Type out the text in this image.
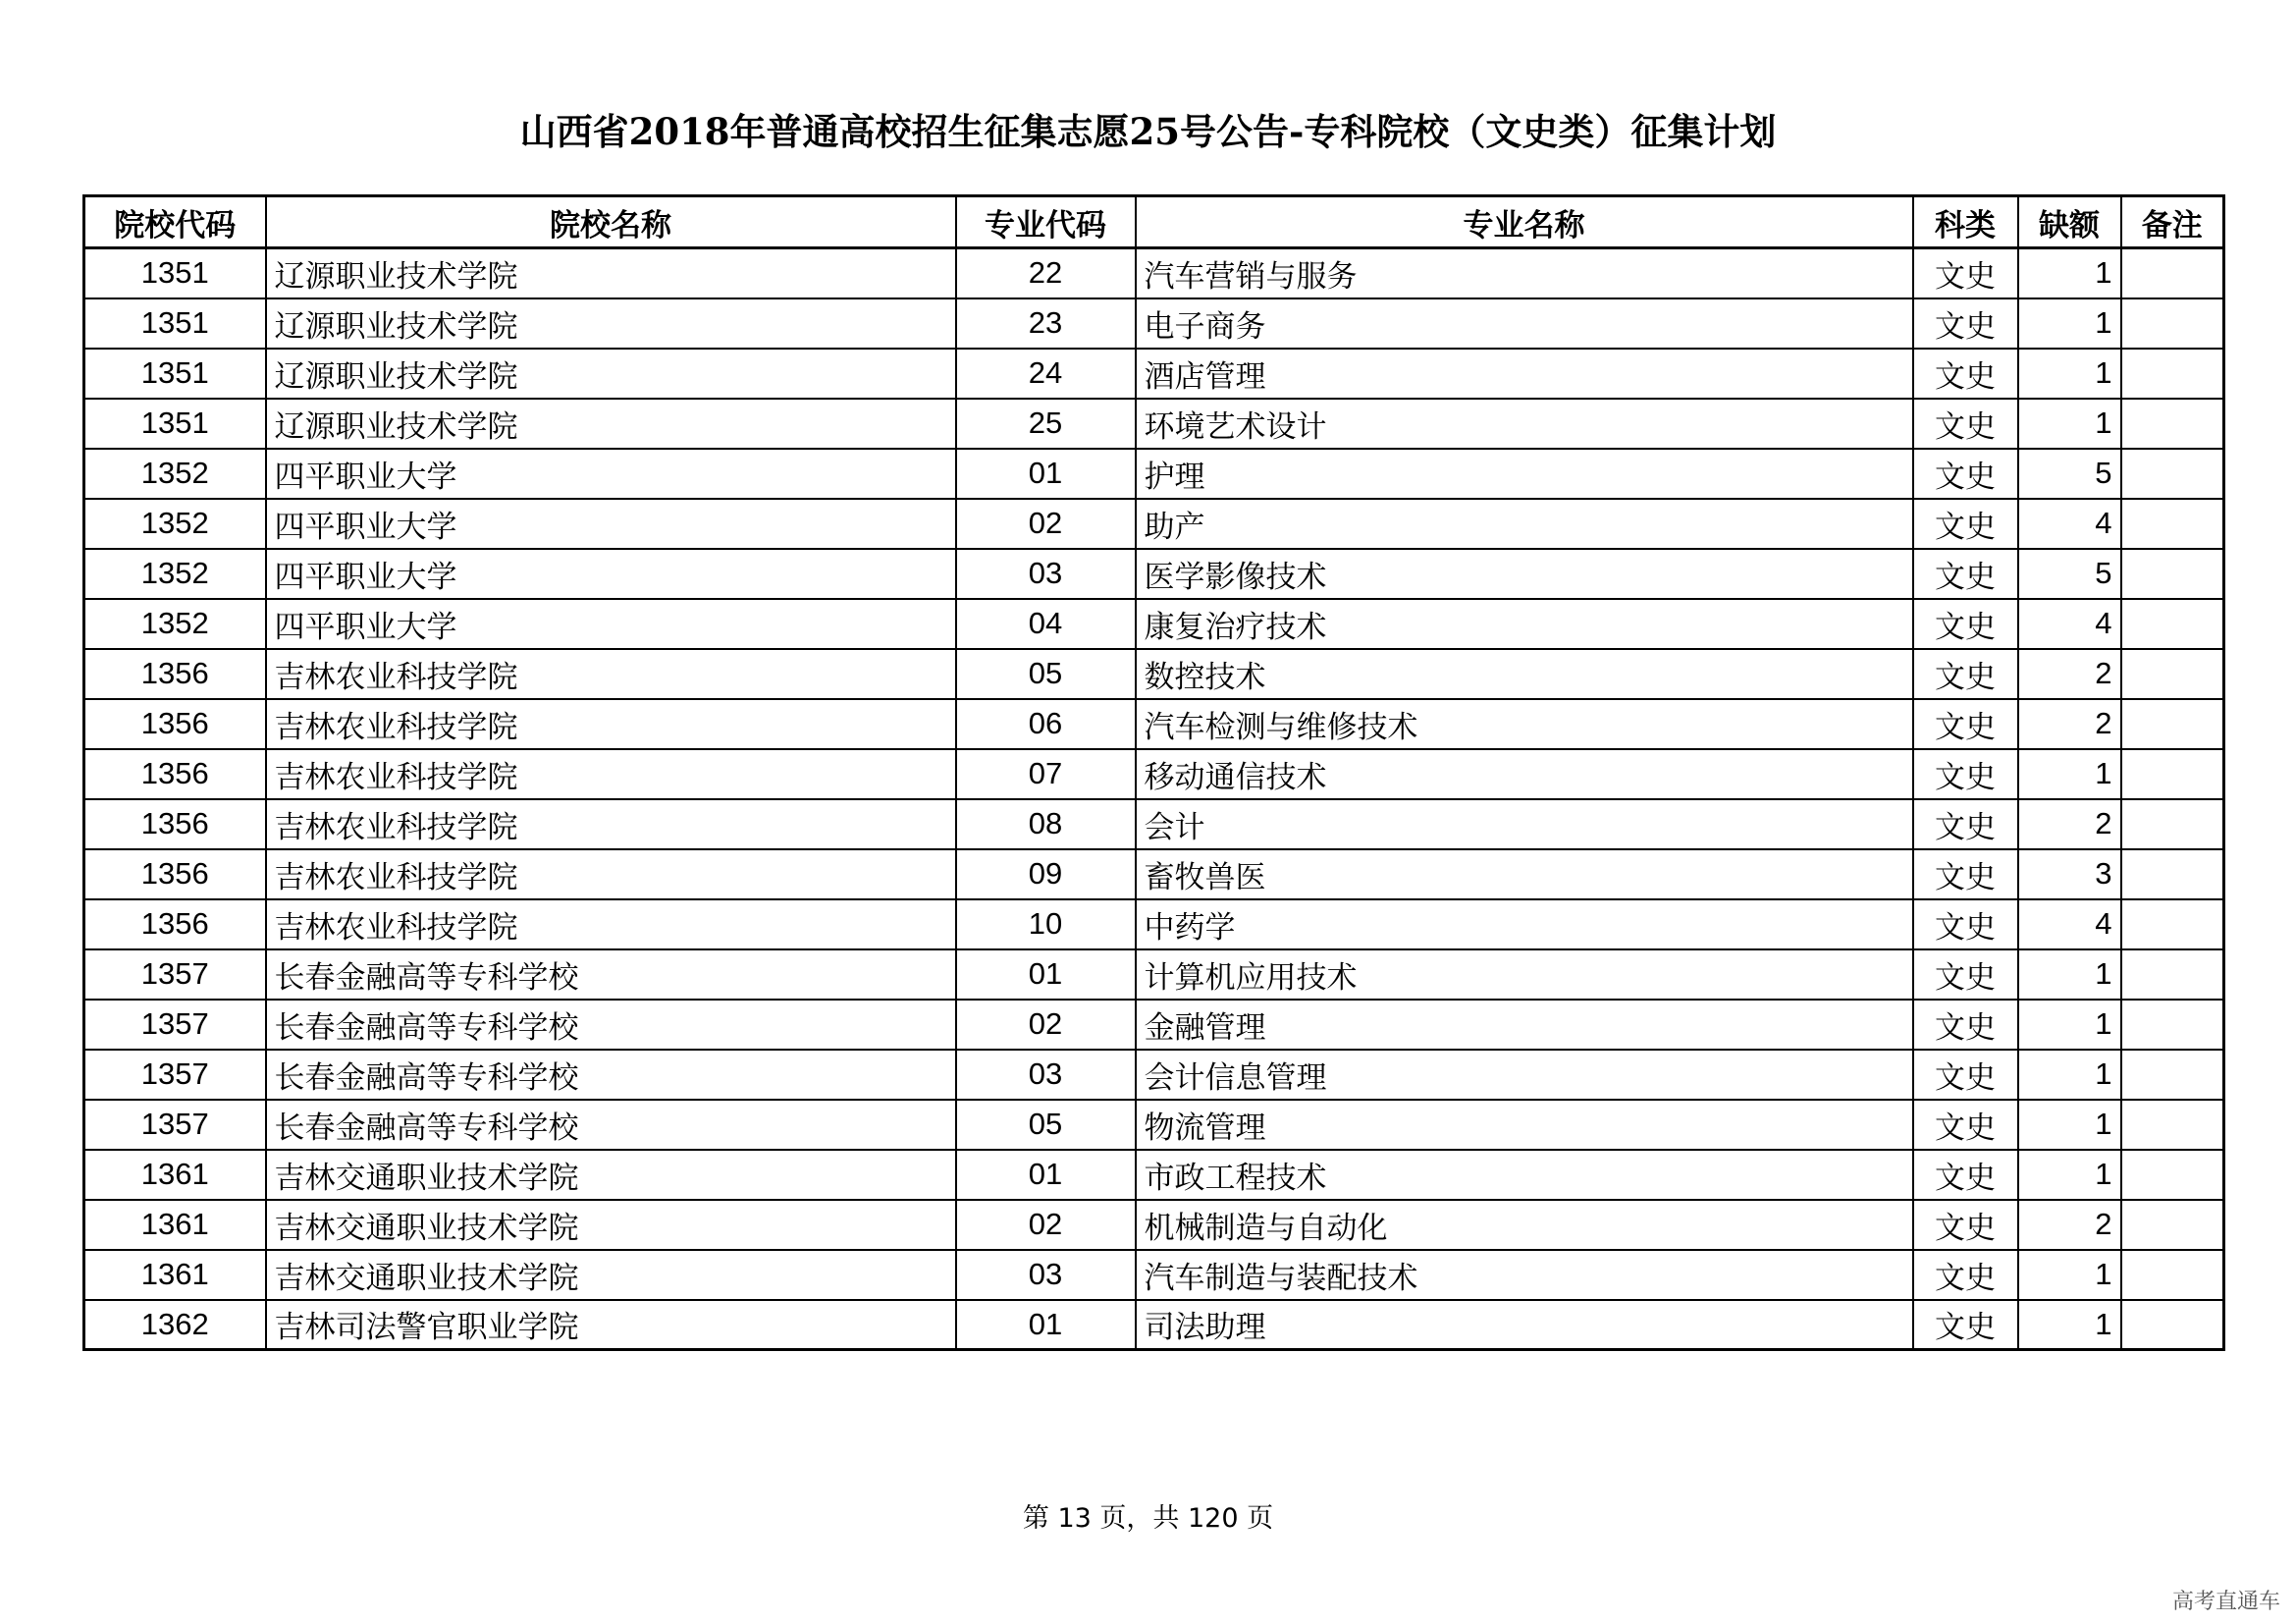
山西省2018年普通高校招生征集志愿25号公告-专科院校（文史类）征集计划
院校代码	院校名称	专业代码	专业名称	科类	缺额	备注
1351	辽源职业技术学院	22	汽车营销与服务	文史	1	
1351	辽源职业技术学院	23	电子商务	文史	1	
1351	辽源职业技术学院	24	酒店管理	文史	1	
1351	辽源职业技术学院	25	环境艺术设计	文史	1	
1352	四平职业大学	01	护理	文史	5	
1352	四平职业大学	02	助产	文史	4	
1352	四平职业大学	03	医学影像技术	文史	5	
1352	四平职业大学	04	康复治疗技术	文史	4	
1356	吉林农业科技学院	05	数控技术	文史	2	
1356	吉林农业科技学院	06	汽车检测与维修技术	文史	2	
1356	吉林农业科技学院	07	移动通信技术	文史	1	
1356	吉林农业科技学院	08	会计	文史	2	
1356	吉林农业科技学院	09	畜牧兽医	文史	3	
1356	吉林农业科技学院	10	中药学	文史	4	
1357	长春金融高等专科学校	01	计算机应用技术	文史	1	
1357	长春金融高等专科学校	02	金融管理	文史	1	
1357	长春金融高等专科学校	03	会计信息管理	文史	1	
1357	长春金融高等专科学校	05	物流管理	文史	1	
1361	吉林交通职业技术学院	01	市政工程技术	文史	1	
1361	吉林交通职业技术学院	02	机械制造与自动化	文史	2	
1361	吉林交通职业技术学院	03	汽车制造与装配技术	文史	1	
1362	吉林司法警官职业学院	01	司法助理	文史	1	
第 13 页，共 120 页
高考直通车
